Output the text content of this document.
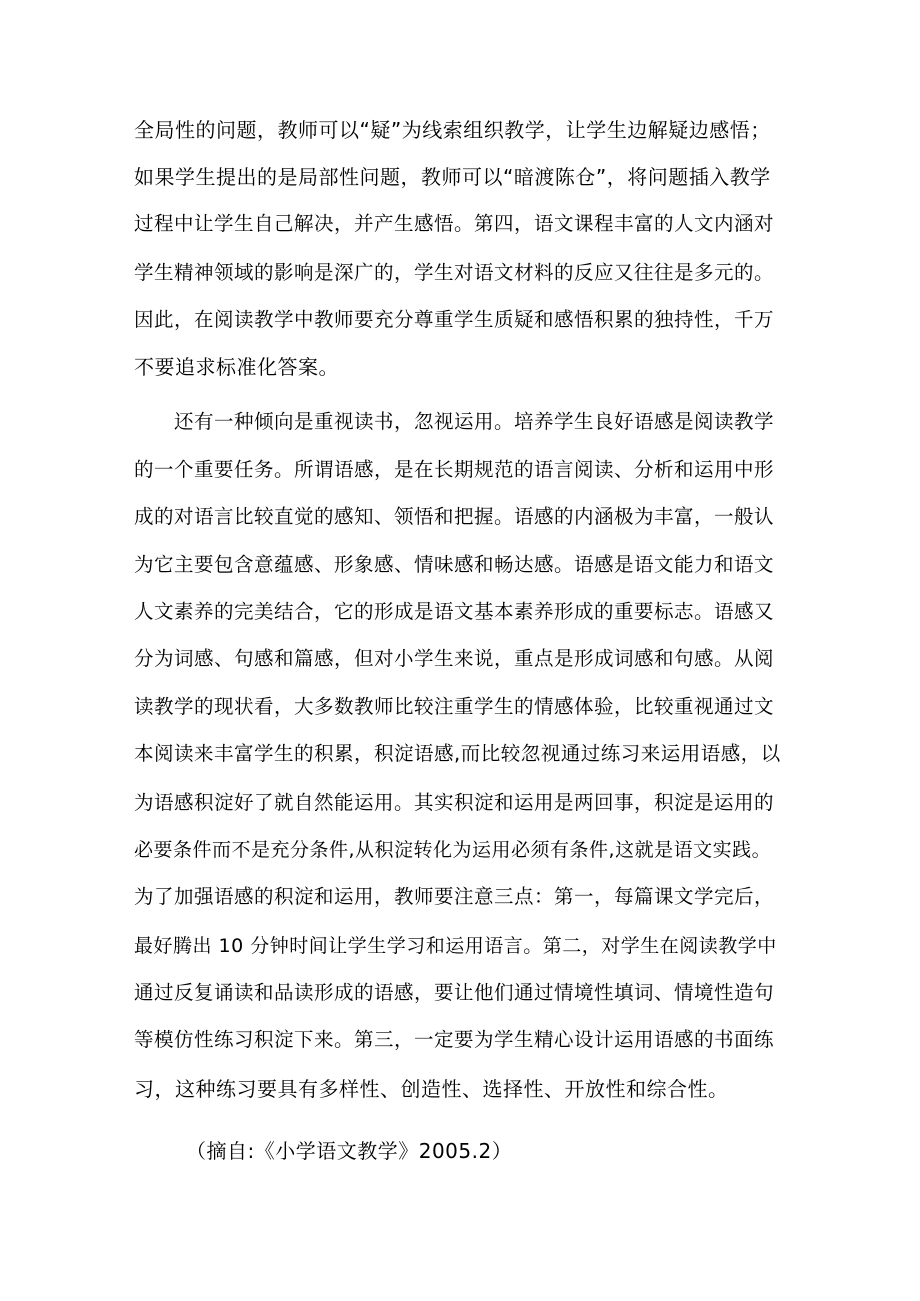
全局性的问题，教师可以“疑”为线索组织教学，让学生边解疑边感悟；

如果学生提出的是局部性问题，教师可以“暗渡陈仓”，将问题插入教学

过程中让学生自己解决，并产生感悟。第四，语文课程丰富的人文内涵对

学生精神领域的影响是深广的，学生对语文材料的反应又往往是多元的。

因此，在阅读教学中教师要充分尊重学生质疑和感悟积累的独持性，千万

不要追求标准化答案。

还有一种倾向是重视读书，忽视运用。培养学生良好语感是阅读教学

的一个重要任务。所谓语感，是在长期规范的语言阅读、分析和运用中形

成的对语言比较直觉的感知、领悟和把握。语感的内涵极为丰富，一般认

为它主要包含意蕴感、形象感、情味感和畅达感。语感是语文能力和语文

人文素养的完美结合，它的形成是语文基本素养形成的重要标志。语感又

分为词感、句感和篇感，但对小学生来说，重点是形成词感和句感。从阅

读教学的现状看，大多数教师比较注重学生的情感体验，比较重视通过文

本阅读来丰富学生的积累，积淀语感,而比较忽视通过练习来运用语感，以

为语感积淀好了就自然能运用。其实积淀和运用是两回事，积淀是运用的

必要条件而不是充分条件,从积淀转化为运用必须有条件,这就是语文实践。

为了加强语感的积淀和运用，教师要注意三点：第一，每篇课文学完后，

最好腾出 10 分钟时间让学生学习和运用语言。第二，对学生在阅读教学中

通过反复诵读和品读形成的语感，要让他们通过情境性填词、情境性造句

等模仿性练习积淀下来。第三，一定要为学生精心设计运用语感的书面练

习，这种练习要具有多样性、创造性、选择性、开放性和综合性。

（摘自:《小学语文教学》2005.2）
